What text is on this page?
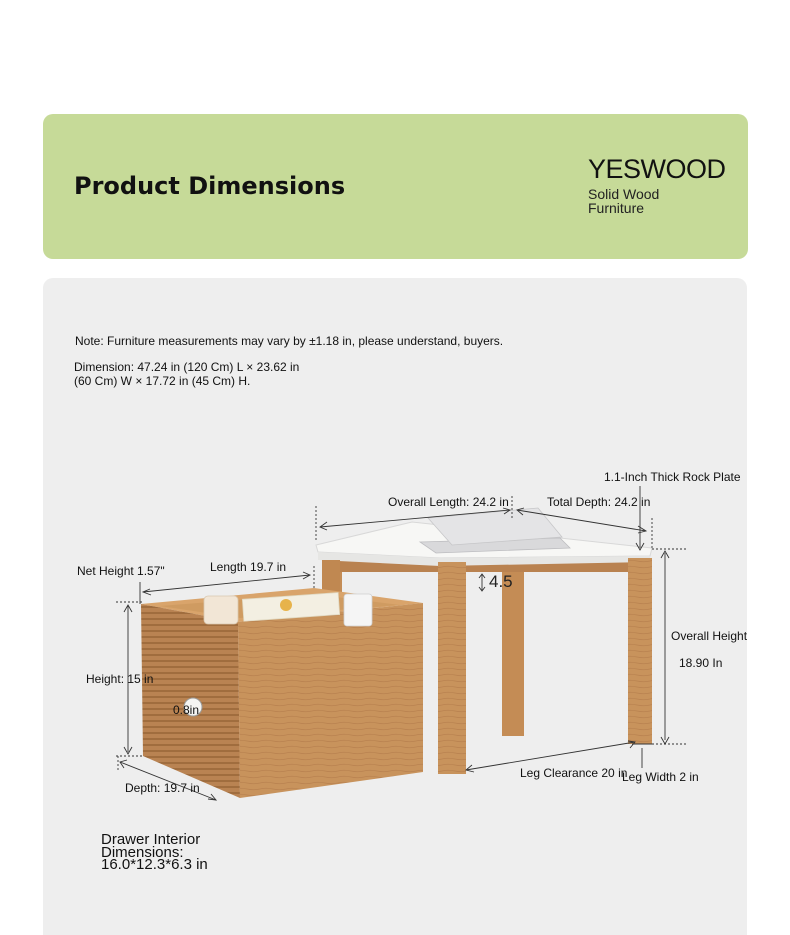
Product Dimensions
YESWOOD
Solid Wood
Furniture
Note: Furniture measurements may vary by ±1.18 in, please understand, buyers.
Dimension: 47.24 in (120 Cm) L × 23.62 in
(60 Cm) W × 17.72 in (45 Cm) H.
1.1-Inch Thick Rock Plate
Overall Length: 24.2 in	Total Depth: 24.2 in
Net Height 1.57"	Length 19.7 in
4.5
Height: 15 in
Overall Height
18.90 In
0.8in
Depth: 19.7 in
Leg Clearance 20 in
Leg Width 2 in
Drawer Interior
Dimensions:
16.0*12.3*6.3 in
